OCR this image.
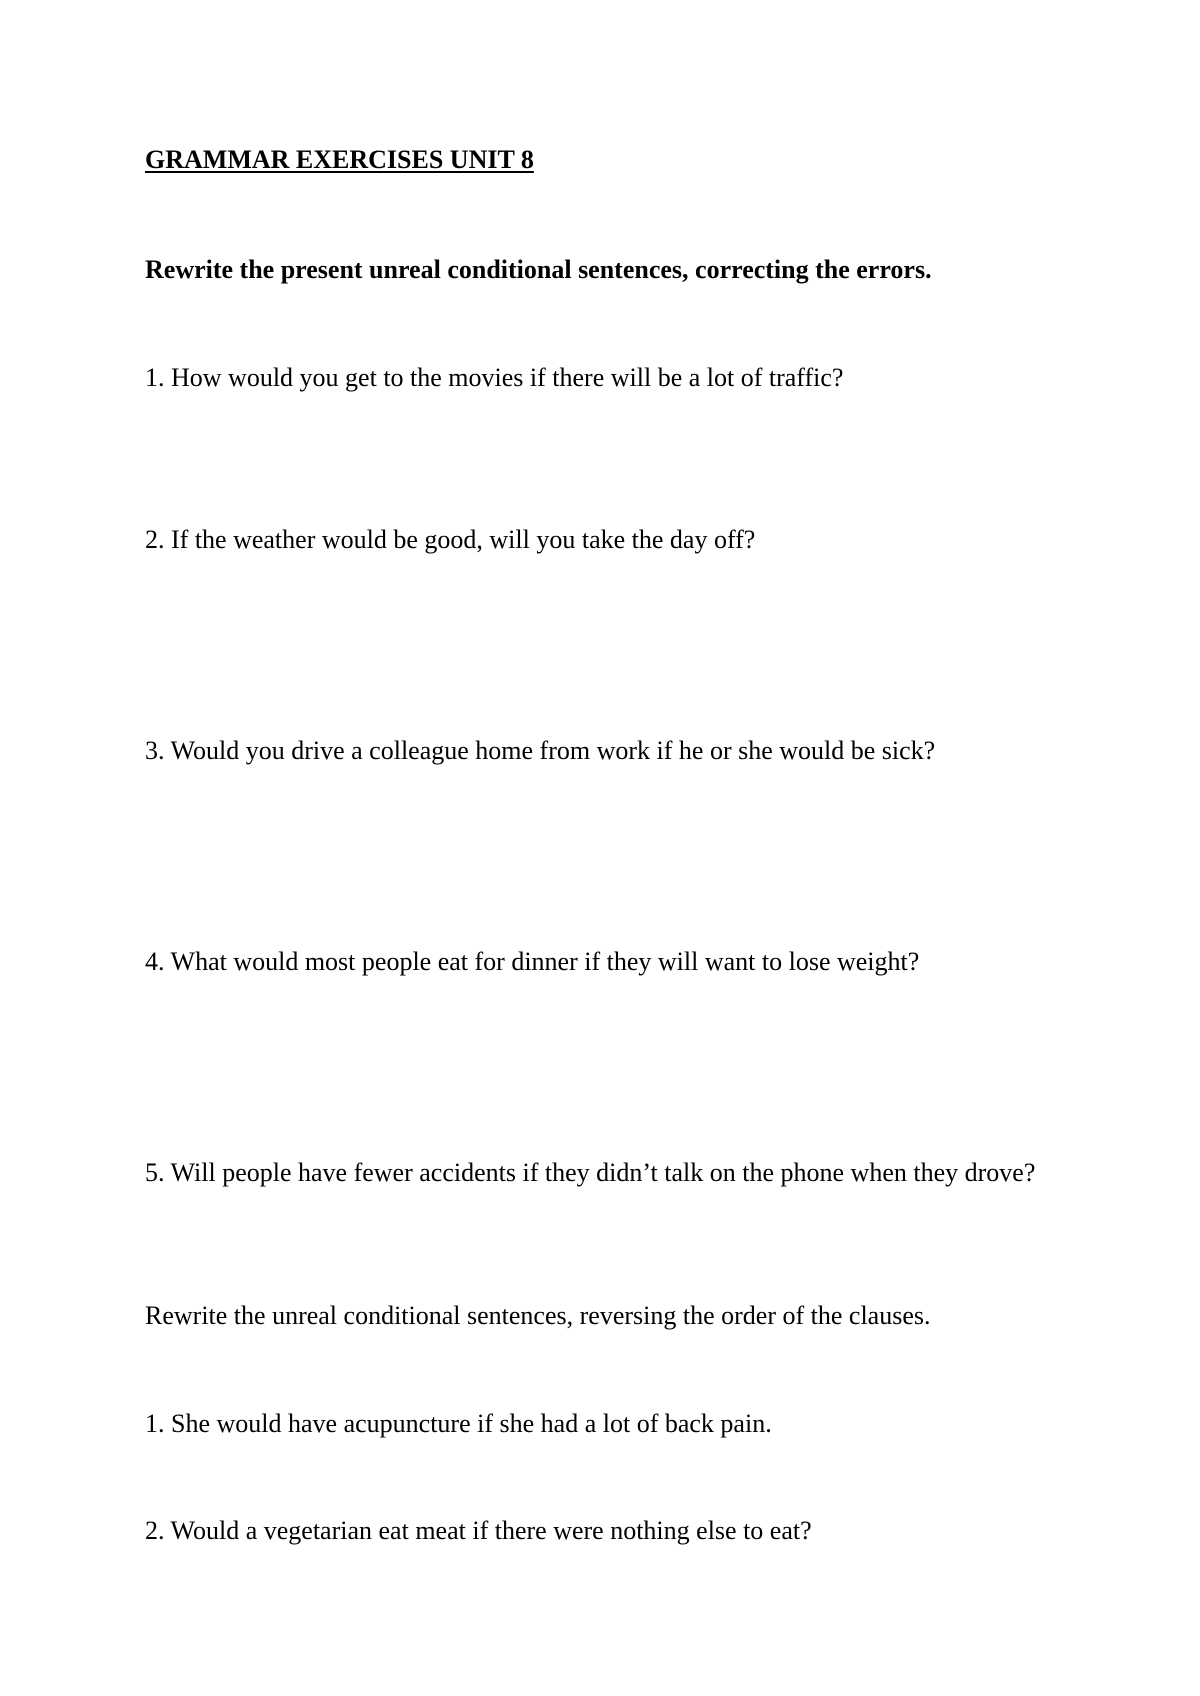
GRAMMAR EXERCISES UNIT 8
Rewrite the present unreal conditional sentences, correcting the errors.
1. How would you get to the movies if there will be a lot of traffic?
2. If the weather would be good, will you take the day off?
3. Would you drive a colleague home from work if he or she would be sick?
4. What would most people eat for dinner if they will want to lose weight?
5. Will people have fewer accidents if they didn’t talk on the phone when they drove?
Rewrite the unreal conditional sentences, reversing the order of the clauses.
1. She would have acupuncture if she had a lot of back pain.
2. Would a vegetarian eat meat if there were nothing else to eat?
